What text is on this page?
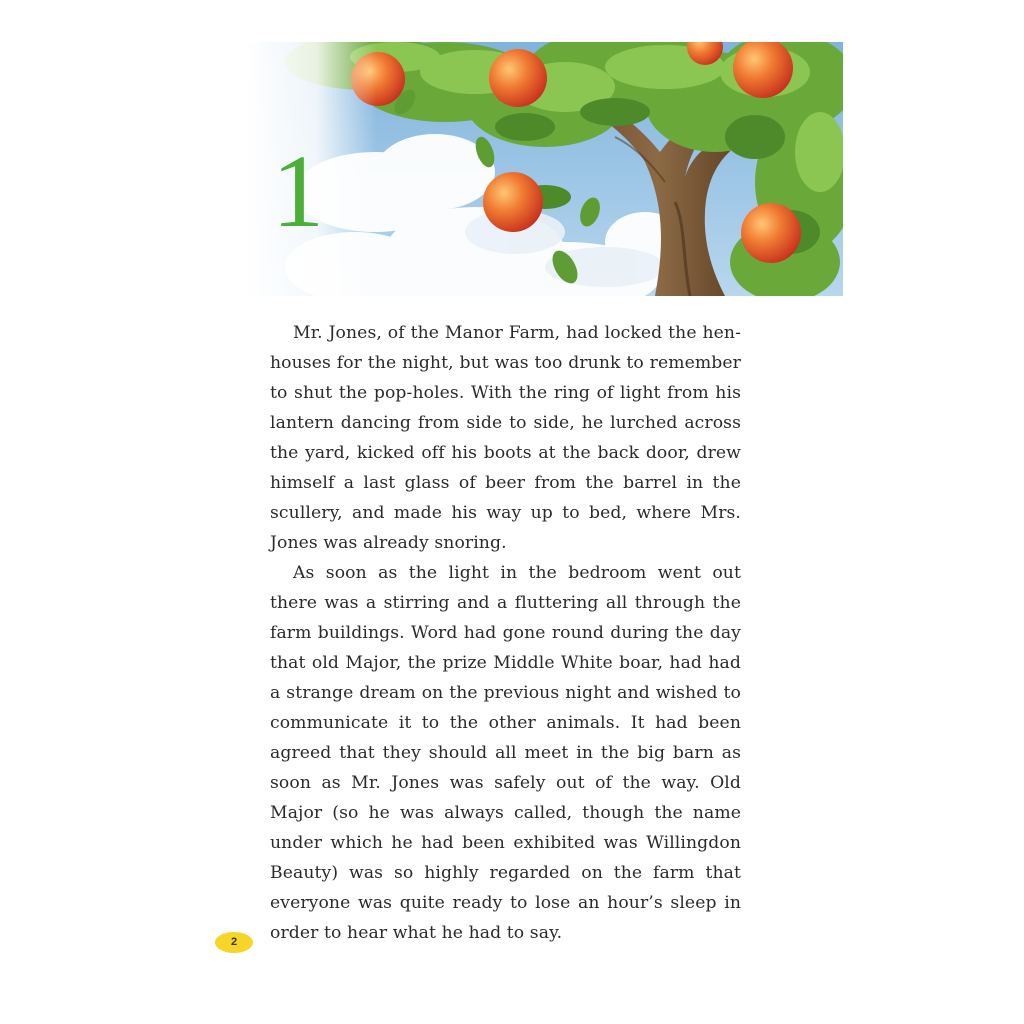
1

Mr. Jones, of the Manor Farm, had locked the hen-houses for the night, but was too drunk to remember to shut the pop-holes. With the ring of light from his lantern dancing from side to side, he lurched across the yard, kicked off his boots at the back door, drew himself a last glass of beer from the barrel in the scullery, and made his way up to bed, where Mrs. Jones was already snoring.

As soon as the light in the bedroom went out there was a stirring and a fluttering all through the farm buildings. Word had gone round during the day that old Major, the prize Middle White boar, had had a strange dream on the previous night and wished to communicate it to the other animals. It had been agreed that they should all meet in the big barn as soon as Mr. Jones was safely out of the way. Old Major (so he was always called, though the name under which he had been exhibited was Willingdon Beauty) was so highly regarded on the farm that everyone was quite ready to lose an hour’s sleep in order to hear what he had to say.

2
